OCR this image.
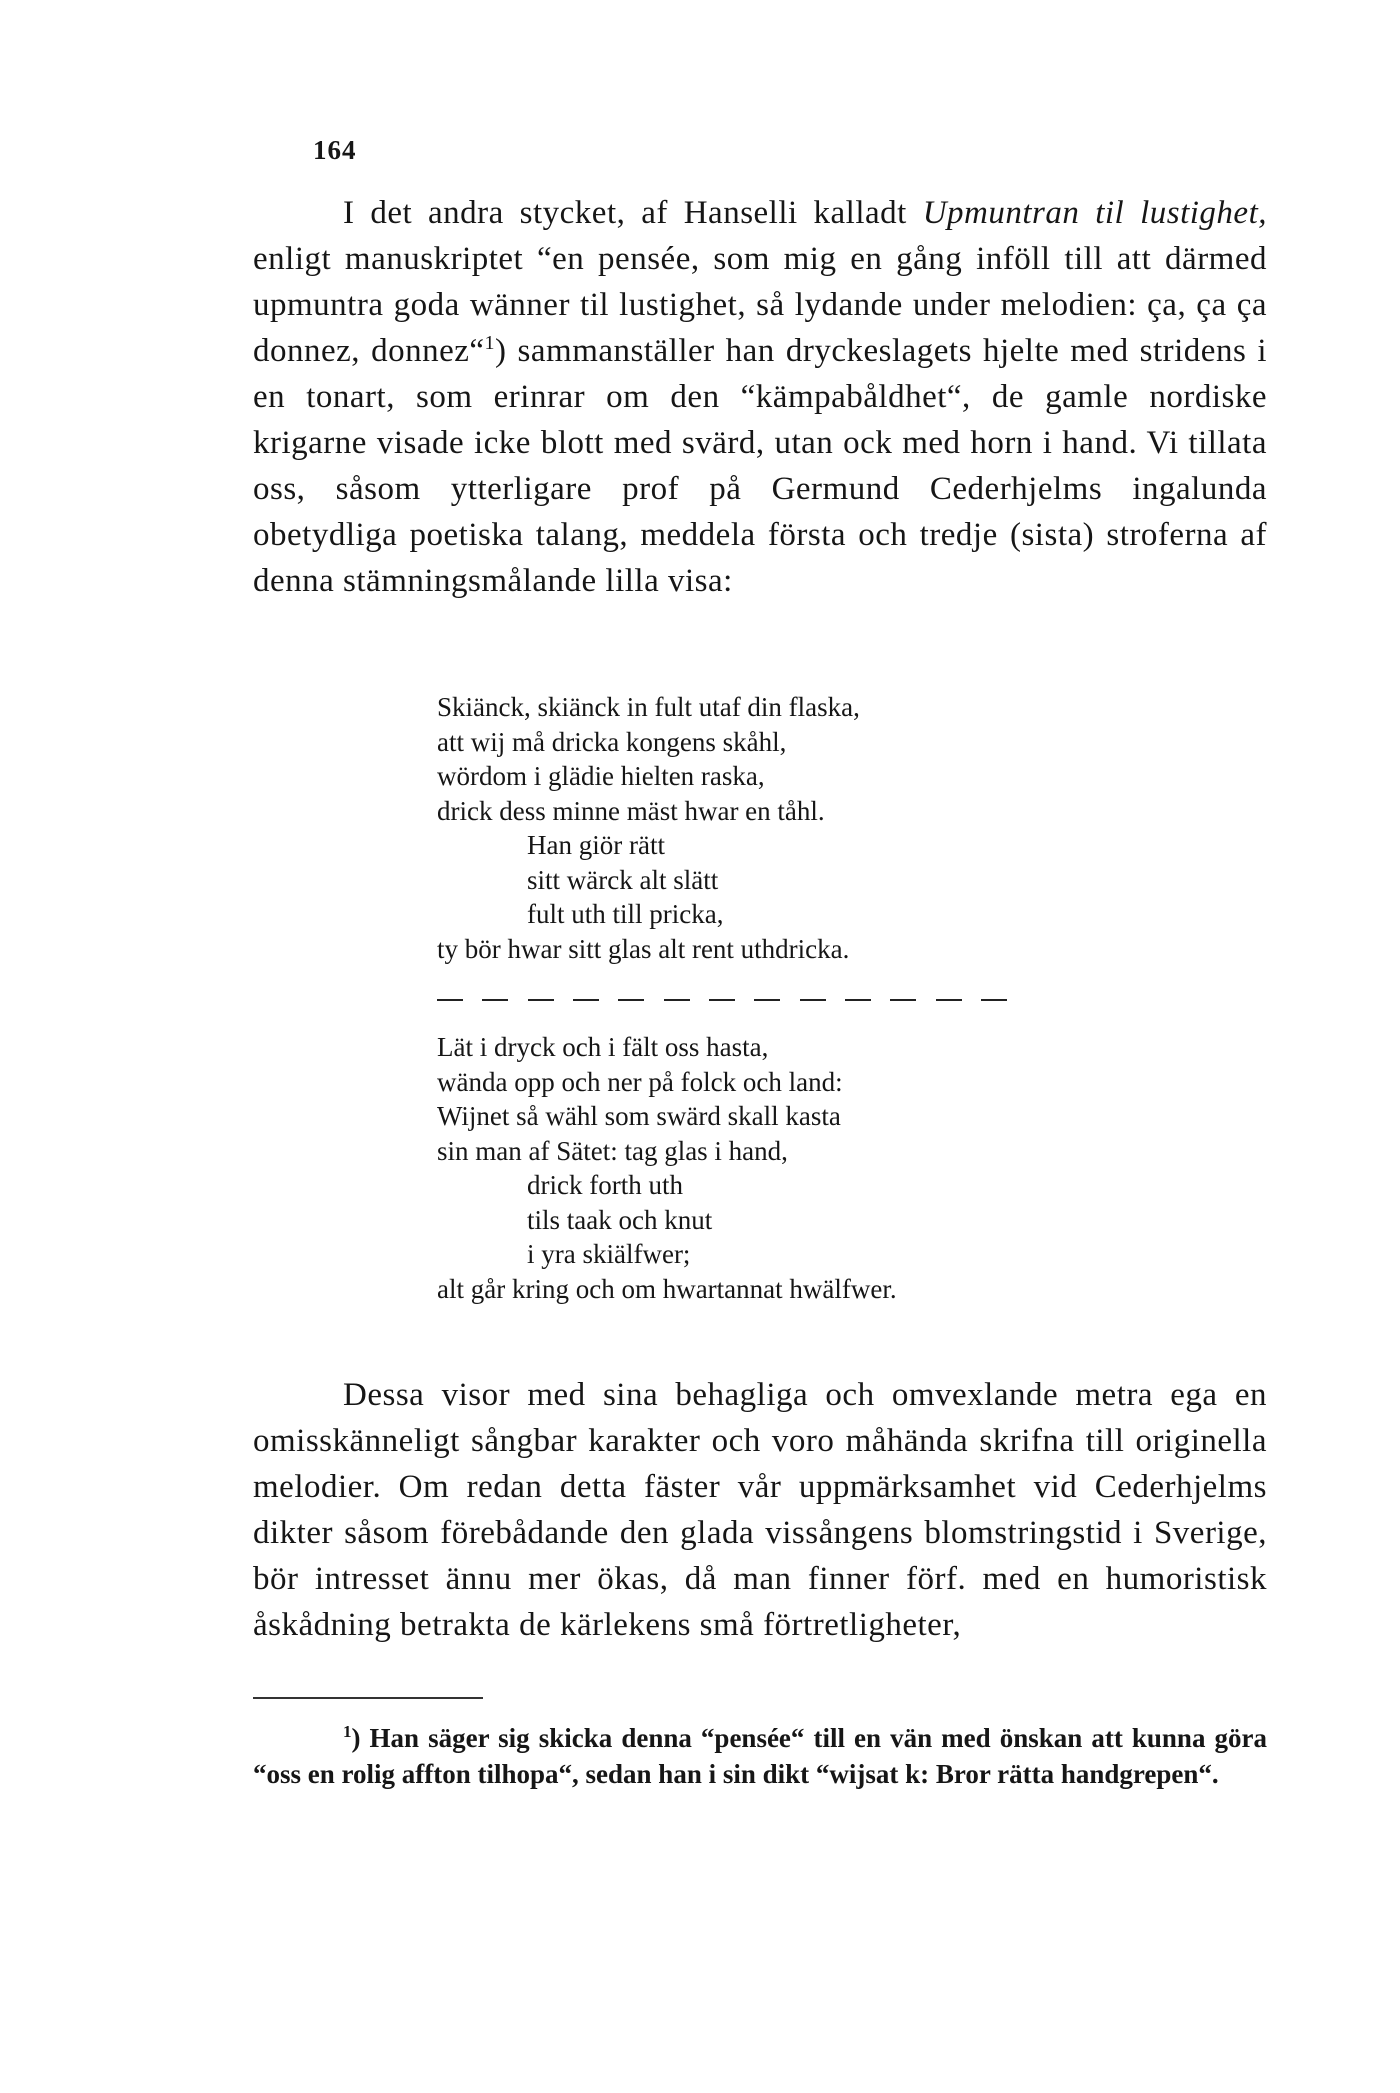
164

I det andra stycket, af Hanselli kalladt Upmuntran til lustighet, enligt manuskriptet “en pensée, som mig en gång inföll till att därmed upmuntra goda wänner til lustighet, så lydande under melodien: ça, ça ça donnez, donnez“$^1$) sammanställer han dryckeslagets hjelte med stridens i en tonart, som erinrar om den “kämpabåldhet“, de gamle nordiske krigarne visade icke blott med svärd, utan ock med horn i hand. Vi tillata oss, såsom ytterligare prof på Germund Cederhjelms ingalunda obetydliga poetiska talang, meddela första och tredje (sista) stroferna af denna stämningsmålande lilla visa:

Skiänck, skiänck in fult utaf din flaska,
att wij må dricka kongens skåhl,
wördom i glädie hielten raska,
drick dess minne mäst hwar en tåhl.
Han giör rätt
sitt wärck alt slätt
fult uth till pricka,
ty bör hwar sitt glas alt rent uthdricka.
Lät i dryck och i fält oss hasta,
wända opp och ner på folck och land:
Wijnet så wähl som swärd skall kasta
sin man af Sätet: tag glas i hand,
drick forth uth
tils taak och knut
i yra skiälfwer;
alt går kring och om hwartannat hwälfwer.

Dessa visor med sina behagliga och omvexlande metra ega en omisskänneligt sångbar karakter och voro måhända skrifna till originella melodier. Om redan detta fäster vår uppmärksamhet vid Cederhjelms dikter såsom förebådande den glada vissångens blomstringstid i Sverige, bör intresset ännu mer ökas, då man finner förf. med en humoristisk åskådning betrakta de kärlekens små förtretligheter,

$^1$) Han säger sig skicka denna “pensée“ till en vän med önskan att kunna göra “oss en rolig affton tilhopa“, sedan han i sin dikt “wijsat k: Bror rätta handgrepen“.
